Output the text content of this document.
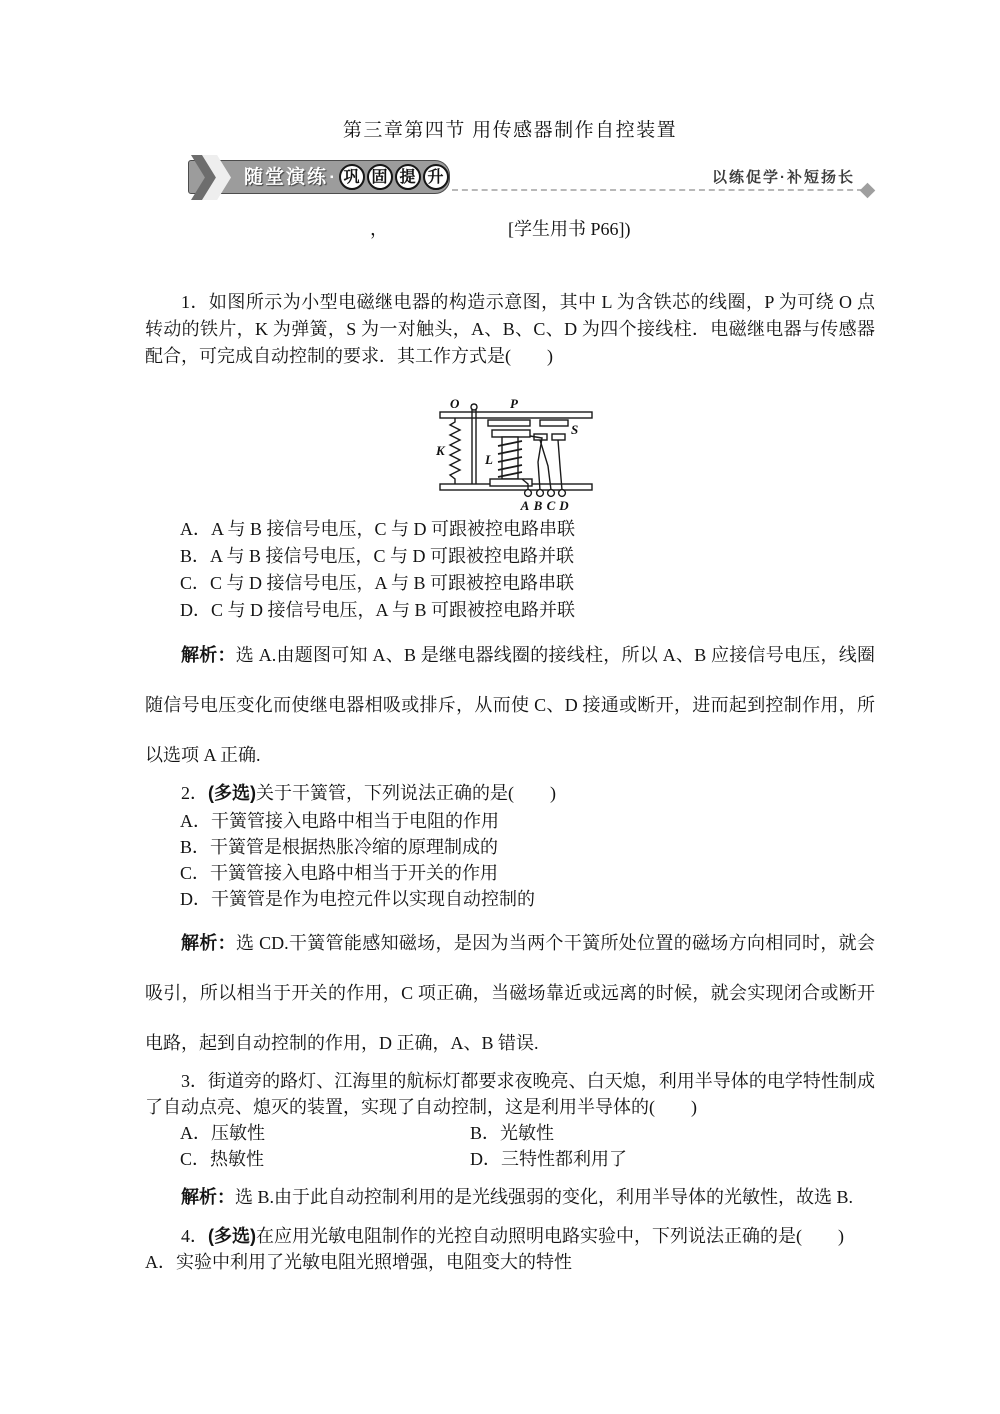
第三章第四节 用传感器制作自控装置
随堂演练 ▪ 巩 固 提 升	以练促学·补短扬长
，	[学生用书 P66])

1．如图所示为小型电磁继电器的构造示意图，其中 L 为含铁芯的线圈，P 为可绕 O 点转动的铁片，K 为弹簧，S 为一对触头，A、B、C、D 为四个接线柱．电磁继电器与传感器配合，可完成自动控制的要求．其工作方式是(　　)

O	P
K
L
S
A B C D
A．A 与 B 接信号电压，C 与 D 可跟被控电路串联
B．A 与 B 接信号电压，C 与 D 可跟被控电路并联
C．C 与 D 接信号电压，A 与 B 可跟被控电路串联
D．C 与 D 接信号电压，A 与 B 可跟被控电路并联

解析：选 A.由题图可知 A、B 是继电器线圈的接线柱，所以 A、B 应接信号电压，线圈随信号电压变化而使继电器相吸或排斥，从而使 C、D 接通或断开，进而起到控制作用，所以选项 A 正确.

2．(多选)关于干簧管，下列说法正确的是(　　)

A．干簧管接入电路中相当于电阻的作用
B．干簧管是根据热胀冷缩的原理制成的
C．干簧管接入电路中相当于开关的作用
D．干簧管是作为电控元件以实现自动控制的

解析：选 CD.干簧管能感知磁场，是因为当两个干簧所处位置的磁场方向相同时，就会吸引，所以相当于开关的作用，C 项正确，当磁场靠近或远离的时候，就会实现闭合或断开电路，起到自动控制的作用，D 正确，A、B 错误.

3．街道旁的路灯、江海里的航标灯都要求夜晚亮、白天熄，利用半导体的电学特性制成了自动点亮、熄灭的装置，实现了自动控制，这是利用半导体的(　　)

A．压敏性	B．光敏性
C．热敏性	D．三特性都利用了

解析：选 B.由于此自动控制利用的是光线强弱的变化，利用半导体的光敏性，故选 B.

4．(多选)在应用光敏电阻制作的光控自动照明电路实验中，下列说法正确的是(　　)

A．实验中利用了光敏电阻光照增强，电阻变大的特性
